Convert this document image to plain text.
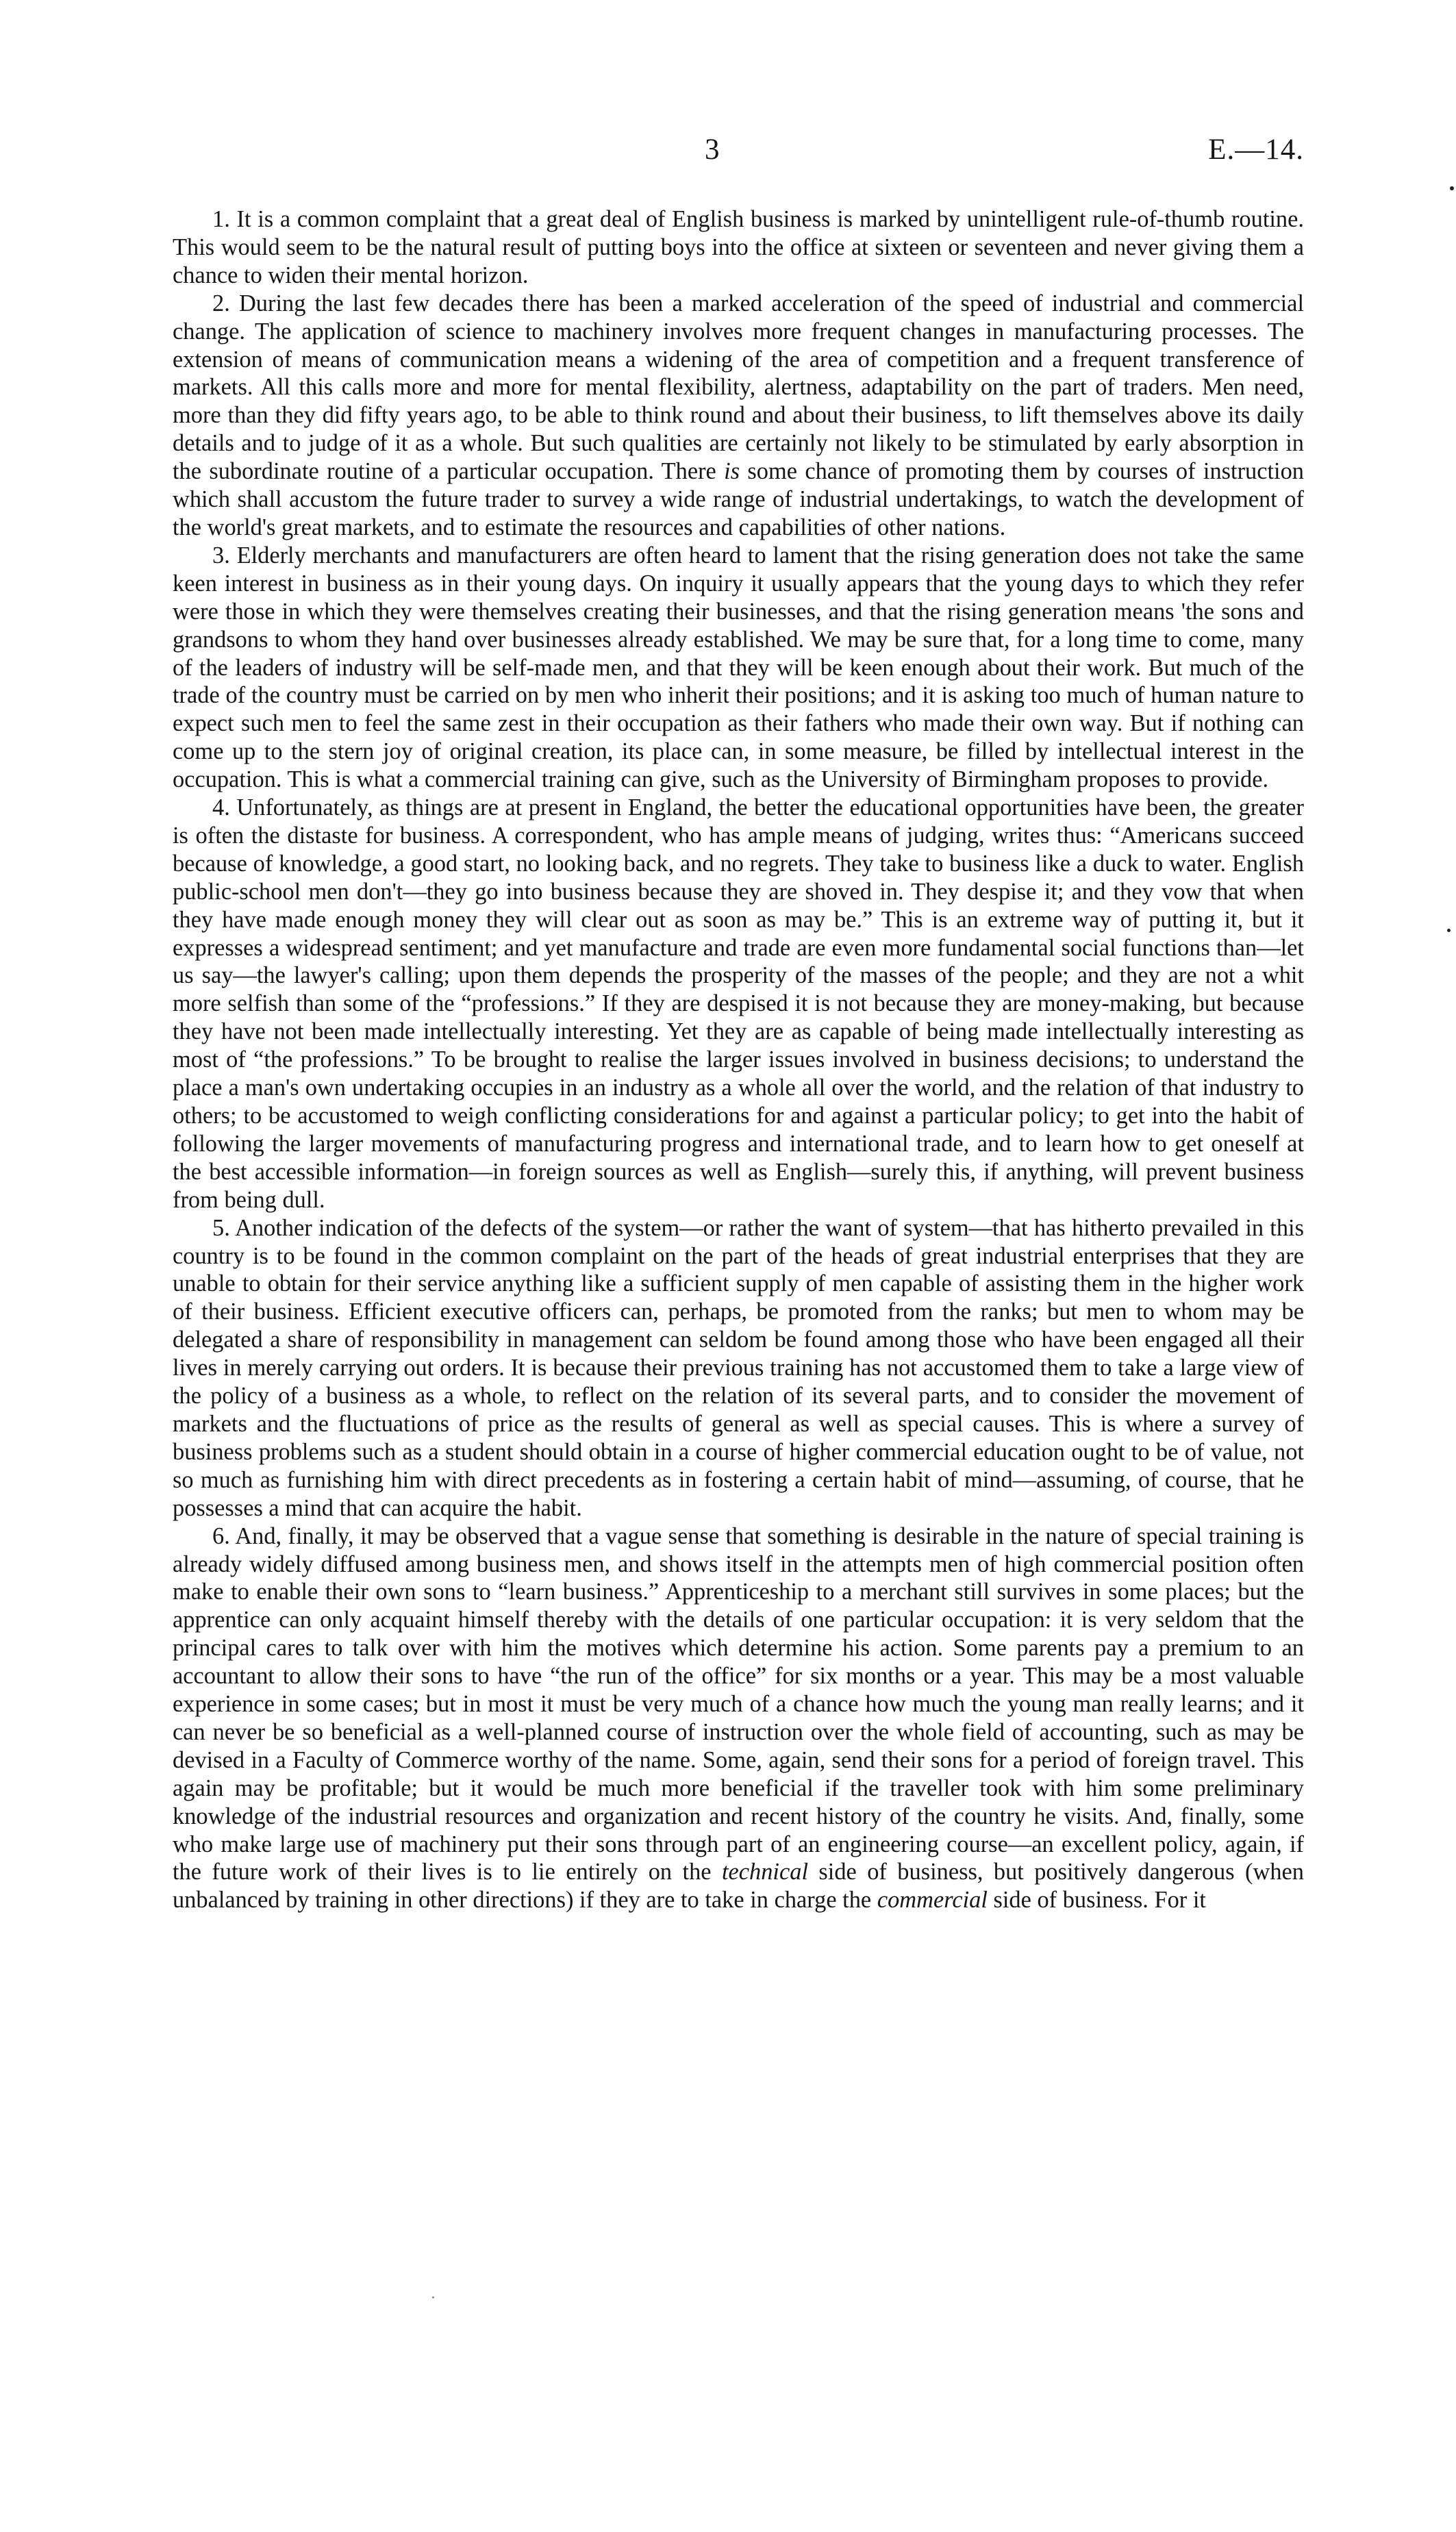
3	E.—14.

1. It is a common complaint that a great deal of English business is marked by unintelligent rule-of-thumb routine. This would seem to be the natural result of putting boys into the office at sixteen or seventeen and never giving them a chance to widen their mental horizon.

2. During the last few decades there has been a marked acceleration of the speed of industrial and commercial change. The application of science to machinery involves more frequent changes in manufacturing processes. The extension of means of communication means a widening of the area of competition and a frequent transference of markets. All this calls more and more for mental flexibility, alertness, adaptability on the part of traders. Men need, more than they did fifty years ago, to be able to think round and about their business, to lift themselves above its daily details and to judge of it as a whole. But such qualities are certainly not likely to be stimulated by early absorption in the subordinate routine of a particular occupation. There is some chance of promoting them by courses of instruction which shall accustom the future trader to survey a wide range of industrial undertakings, to watch the development of the world's great markets, and to estimate the resources and capabilities of other nations.

3. Elderly merchants and manufacturers are often heard to lament that the rising generation does not take the same keen interest in business as in their young days. On inquiry it usually appears that the young days to which they refer were those in which they were themselves creating their businesses, and that the rising generation means 'the sons and grandsons to whom they hand over businesses already established. We may be sure that, for a long time to come, many of the leaders of industry will be self-made men, and that they will be keen enough about their work. But much of the trade of the country must be carried on by men who inherit their positions; and it is asking too much of human nature to expect such men to feel the same zest in their occupation as their fathers who made their own way. But if nothing can come up to the stern joy of original creation, its place can, in some measure, be filled by intellectual interest in the occupation. This is what a commercial training can give, such as the University of Birmingham proposes to provide.

4. Unfortunately, as things are at present in England, the better the educational opportunities have been, the greater is often the distaste for business. A correspondent, who has ample means of judging, writes thus: “Americans succeed because of knowledge, a good start, no looking back, and no regrets. They take to business like a duck to water. English public-school men don't—they go into business because they are shoved in. They despise it; and they vow that when they have made enough money they will clear out as soon as may be.” This is an extreme way of putting it, but it expresses a widespread sentiment; and yet manufacture and trade are even more fundamental social functions than—let us say—the lawyer's calling; upon them depends the prosperity of the masses of the people; and they are not a whit more selfish than some of the “professions.” If they are despised it is not because they are money-making, but because they have not been made intellectually interesting. Yet they are as capable of being made intellectually interesting as most of “the professions.” To be brought to realise the larger issues involved in business decisions; to understand the place a man's own undertaking occupies in an industry as a whole all over the world, and the relation of that industry to others; to be accustomed to weigh conflicting considerations for and against a particular policy; to get into the habit of following the larger movements of manufacturing progress and international trade, and to learn how to get oneself at the best accessible information—in foreign sources as well as English—surely this, if anything, will prevent business from being dull.

5. Another indication of the defects of the system—or rather the want of system—that has hitherto prevailed in this country is to be found in the common complaint on the part of the heads of great industrial enterprises that they are unable to obtain for their service anything like a sufficient supply of men capable of assisting them in the higher work of their business. Efficient executive officers can, perhaps, be promoted from the ranks; but men to whom may be delegated a share of responsibility in management can seldom be found among those who have been engaged all their lives in merely carrying out orders. It is because their previous training has not accustomed them to take a large view of the policy of a business as a whole, to reflect on the relation of its several parts, and to consider the movement of markets and the fluctuations of price as the results of general as well as special causes. This is where a survey of business problems such as a student should obtain in a course of higher commercial education ought to be of value, not so much as furnishing him with direct precedents as in fostering a certain habit of mind—assuming, of course, that he possesses a mind that can acquire the habit.

6. And, finally, it may be observed that a vague sense that something is desirable in the nature of special training is already widely diffused among business men, and shows itself in the attempts men of high commercial position often make to enable their own sons to “learn business.” Apprenticeship to a merchant still survives in some places; but the apprentice can only acquaint himself thereby with the details of one particular occupation: it is very seldom that the principal cares to talk over with him the motives which determine his action. Some parents pay a premium to an accountant to allow their sons to have “the run of the office” for six months or a year. This may be a most valuable experience in some cases; but in most it must be very much of a chance how much the young man really learns; and it can never be so beneficial as a well-planned course of instruction over the whole field of accounting, such as may be devised in a Faculty of Commerce worthy of the name. Some, again, send their sons for a period of foreign travel. This again may be profitable; but it would be much more beneficial if the traveller took with him some preliminary knowledge of the industrial resources and organization and recent history of the country he visits. And, finally, some who make large use of machinery put their sons through part of an engineering course—an excellent policy, again, if the future work of their lives is to lie entirely on the technical side of business, but positively dangerous (when unbalanced by training in other directions) if they are to take in charge the commercial side of business. For it
